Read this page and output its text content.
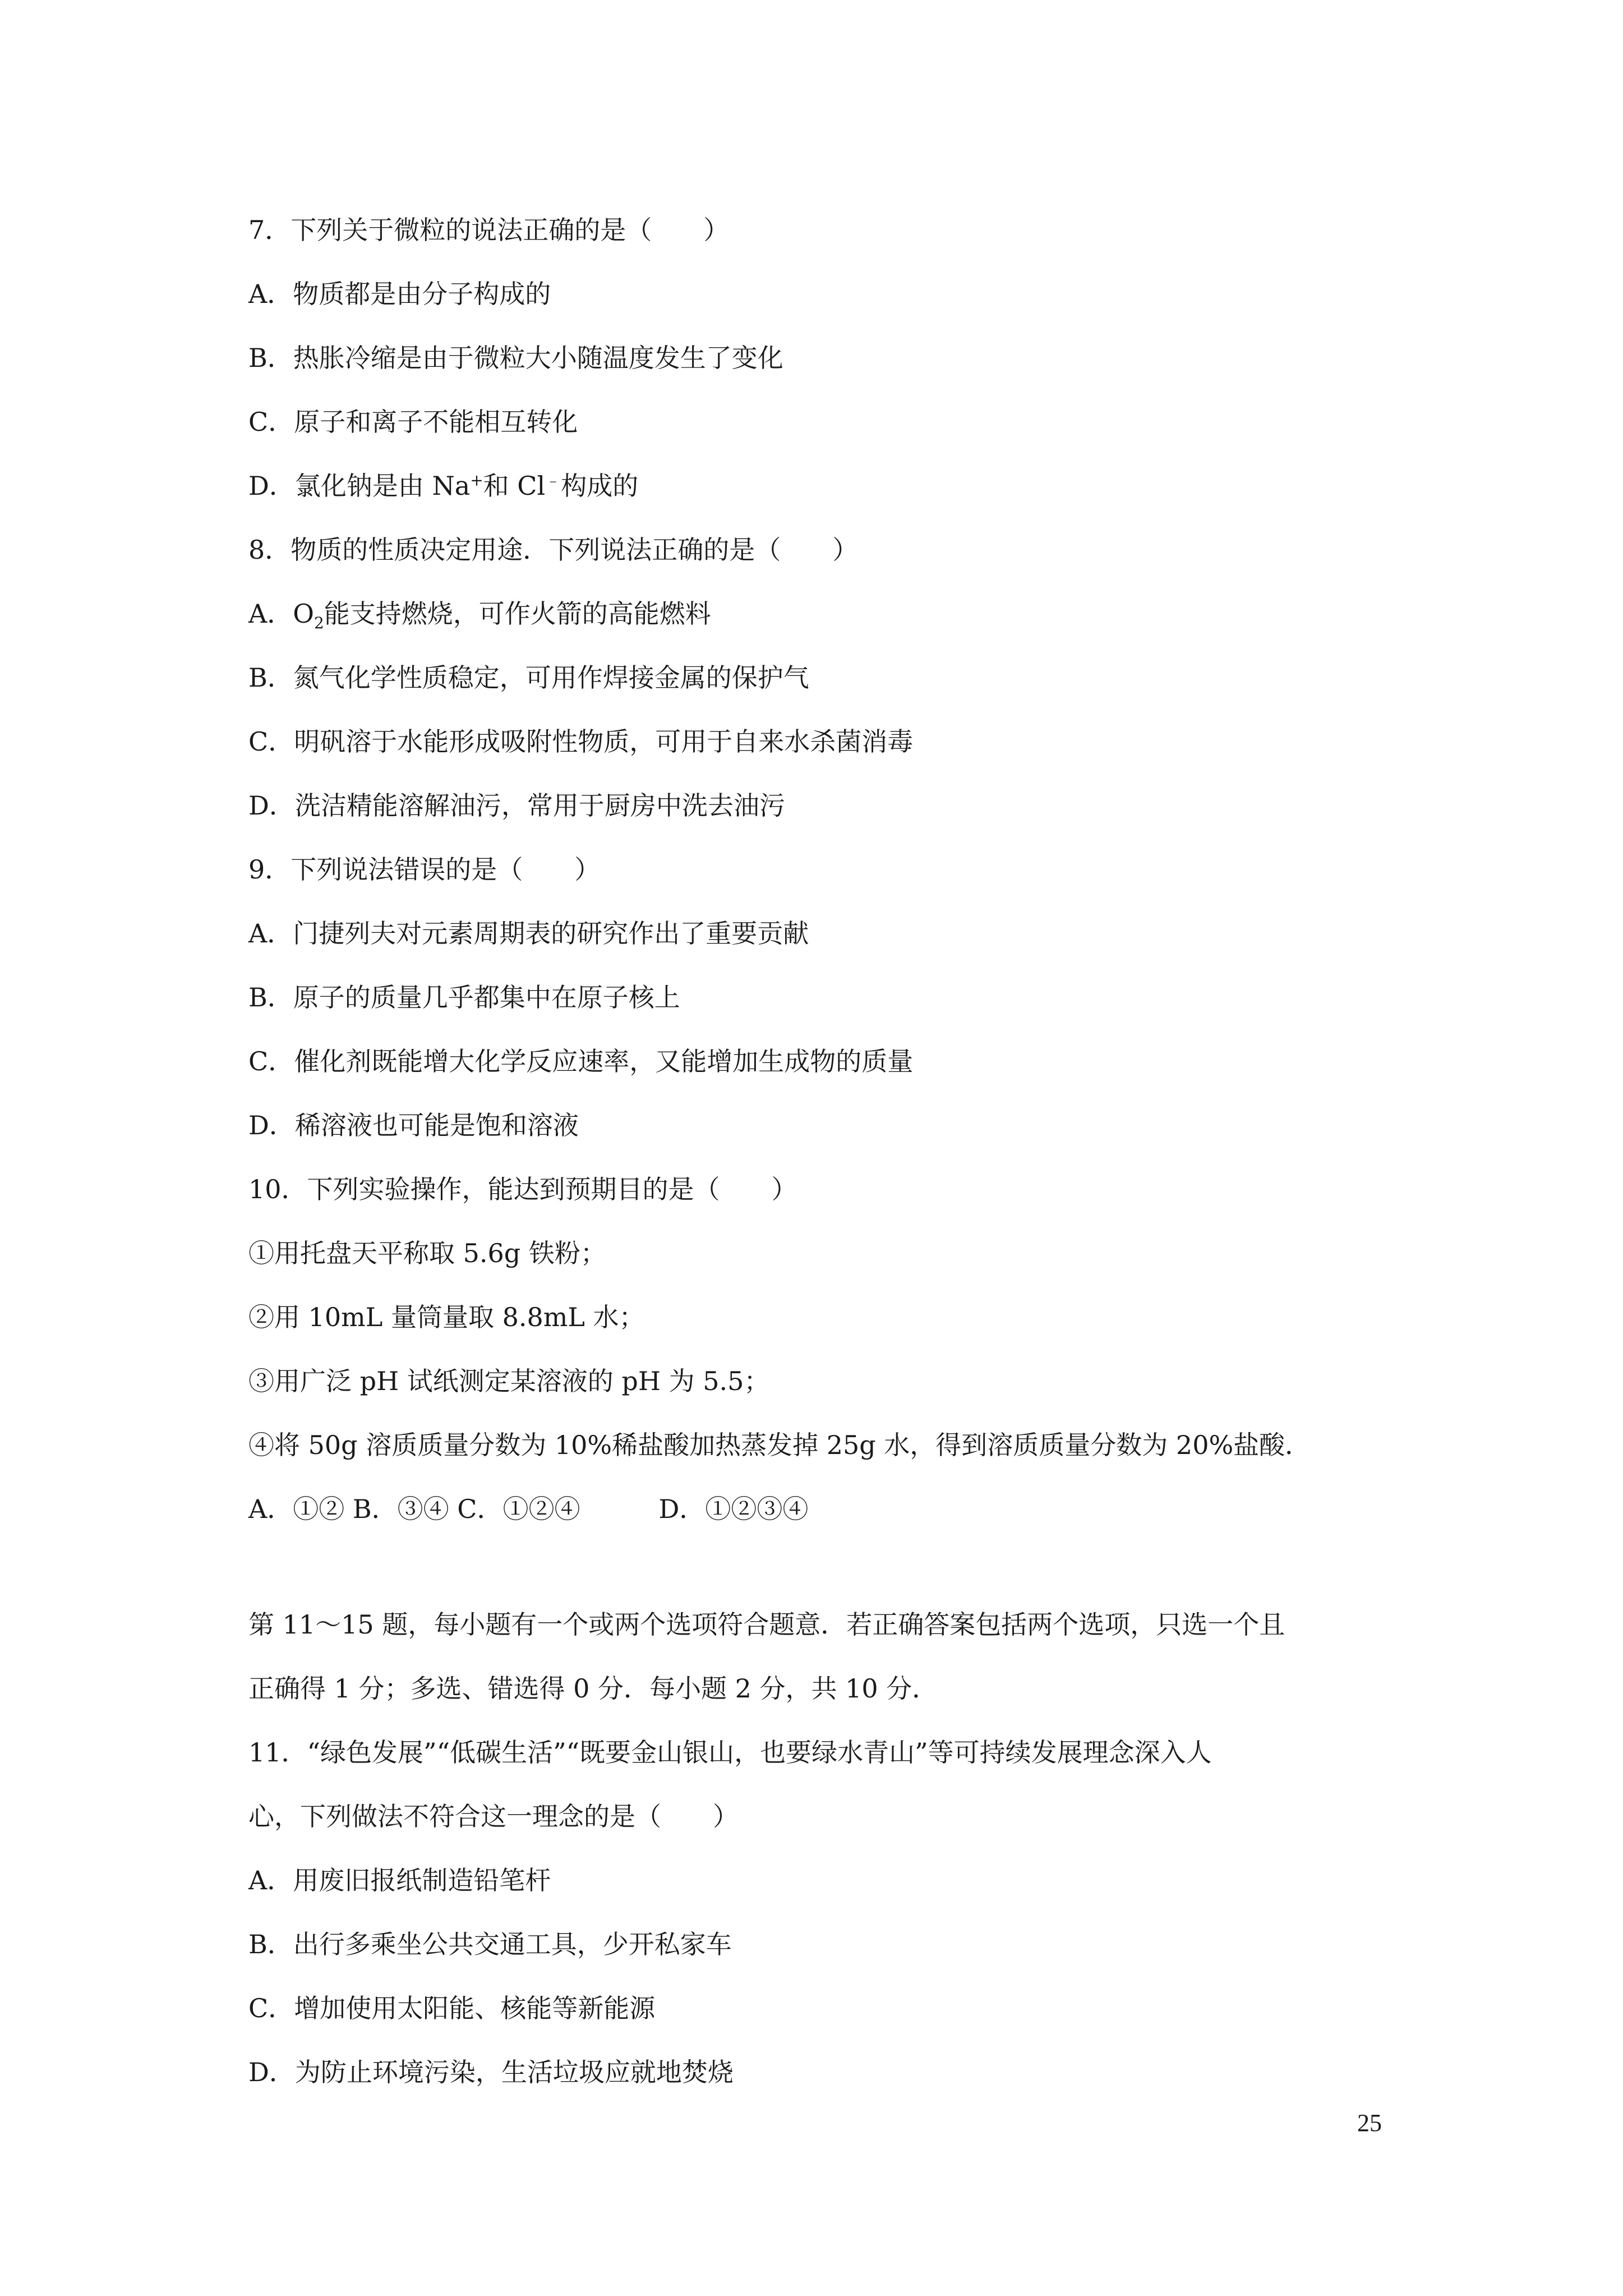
7．下列关于微粒的说法正确的是（　　）
A．物质都是由分子构成的
B．热胀冷缩是由于微粒大小随温度发生了变化
C．原子和离子不能相互转化
D．氯化钠是由 Na+和 Cl﹣构成的
8．物质的性质决定用途．下列说法正确的是（　　）
A．$O_2$能支持燃烧，可作火箭的高能燃料
B．氮气化学性质稳定，可用作焊接金属的保护气
C．明矾溶于水能形成吸附性物质，可用于自来水杀菌消毒
D．洗洁精能溶解油污，常用于厨房中洗去油污
9．下列说法错误的是（　　）
A．门捷列夫对元素周期表的研究作出了重要贡献
B．原子的质量几乎都集中在原子核上
C．催化剂既能增大化学反应速率，又能增加生成物的质量
D．稀溶液也可能是饱和溶液
10．下列实验操作，能达到预期目的是（　　）
①用托盘天平称取 5.6g 铁粉；
②用 10mL 量筒量取 8.8mL 水；
③用广泛 pH 试纸测定某溶液的 pH 为 5.5；
④将 50g 溶质质量分数为 10%稀盐酸加热蒸发掉 25g 水，得到溶质质量分数为 20%盐酸．
A．①② B．③④ C．①②④	D．①②③④
第 11～15 题，每小题有一个或两个选项符合题意．若正确答案包括两个选项，只选一个且
正确得 1 分；多选、错选得 0 分．每小题 2 分，共 10 分．
11．“绿色发展”“低碳生活”“既要金山银山，也要绿水青山”等可持续发展理念深入人
心，下列做法不符合这一理念的是（　　）
A．用废旧报纸制造铅笔杆
B．出行多乘坐公共交通工具，少开私家车
C．增加使用太阳能、核能等新能源
D．为防止环境污染，生活垃圾应就地焚烧
25
